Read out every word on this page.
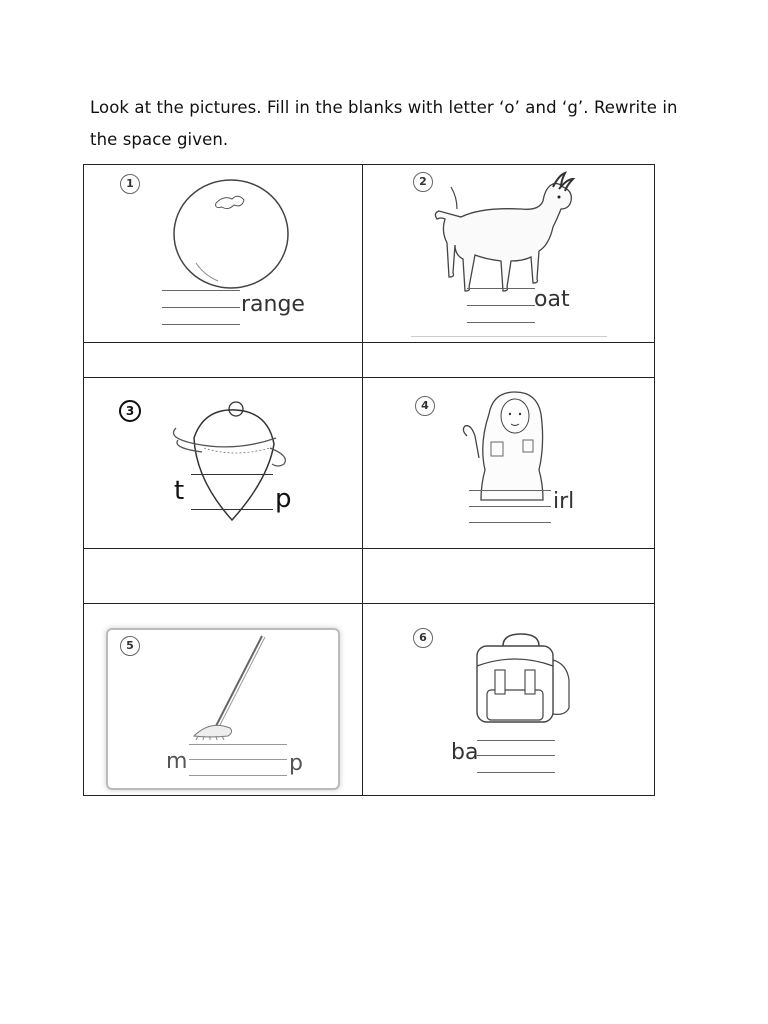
Look at the pictures. Fill in the blanks with letter ‘o’ and ‘g’. Rewrite in the space given.
1
range
2
oat
3
t	p
4
irl
5
m	p
6
ba
